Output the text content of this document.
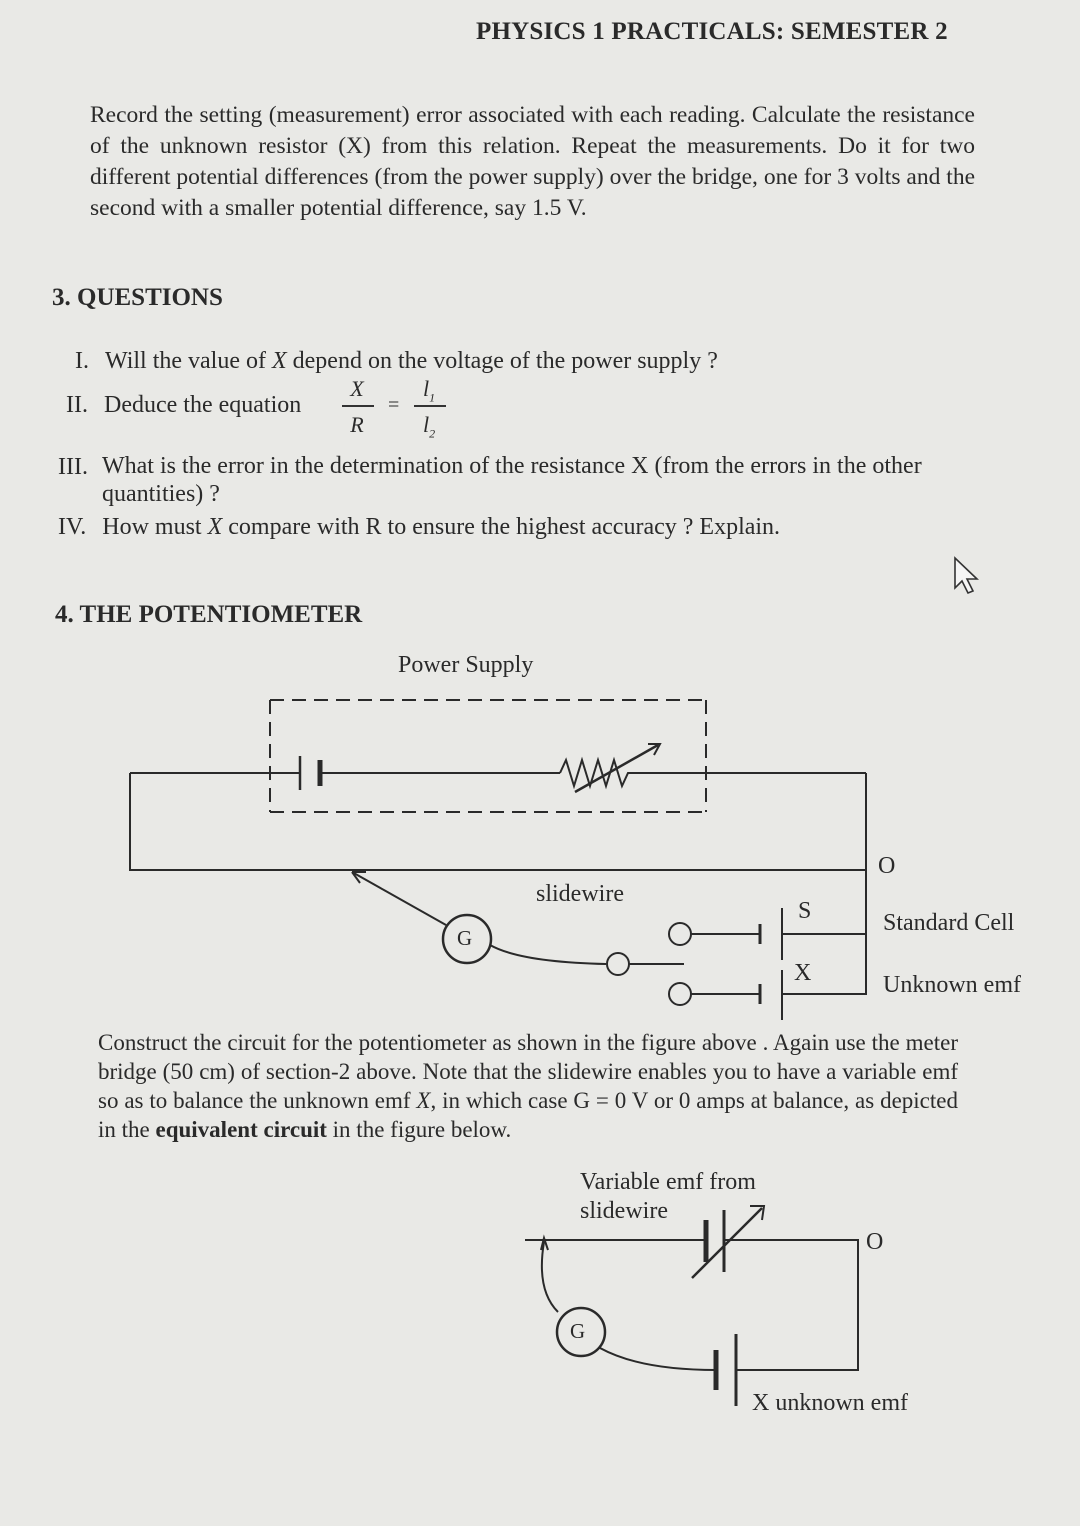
PHYSICS 1 PRACTICALS: SEMESTER 2
Record the setting (measurement) error associated with each reading. Calculate the resistance of the unknown resistor (X) from this relation. Repeat the measurements. Do it for two different potential differences (from the power supply) over the bridge, one for 3 volts and the second with a smaller potential difference, say 1.5 V.
3. QUESTIONS
I. Will the value of X depend on the voltage of the power supply ?
II. Deduce the equation
X
R
=
$l_1$
$l_2$
III. What is the error in the determination of the resistance X (from the errors in the other quantities) ?
IV. How must X compare with R to ensure the highest accuracy ? Explain.
4. THE POTENTIOMETER
Power Supply
slidewire
O
Standard Cell
Unknown emf
S
X
G
Construct the circuit for the potentiometer as shown in the figure above . Again use the meter bridge (50 cm) of section-2 above. Note that the slidewire enables you to have a variable emf so as to balance the unknown emf X, in which case G = 0 V or 0 amps at balance, as depicted in the equivalent circuit in the figure below.
Variable emf from
slidewire
O
G
X unknown emf
